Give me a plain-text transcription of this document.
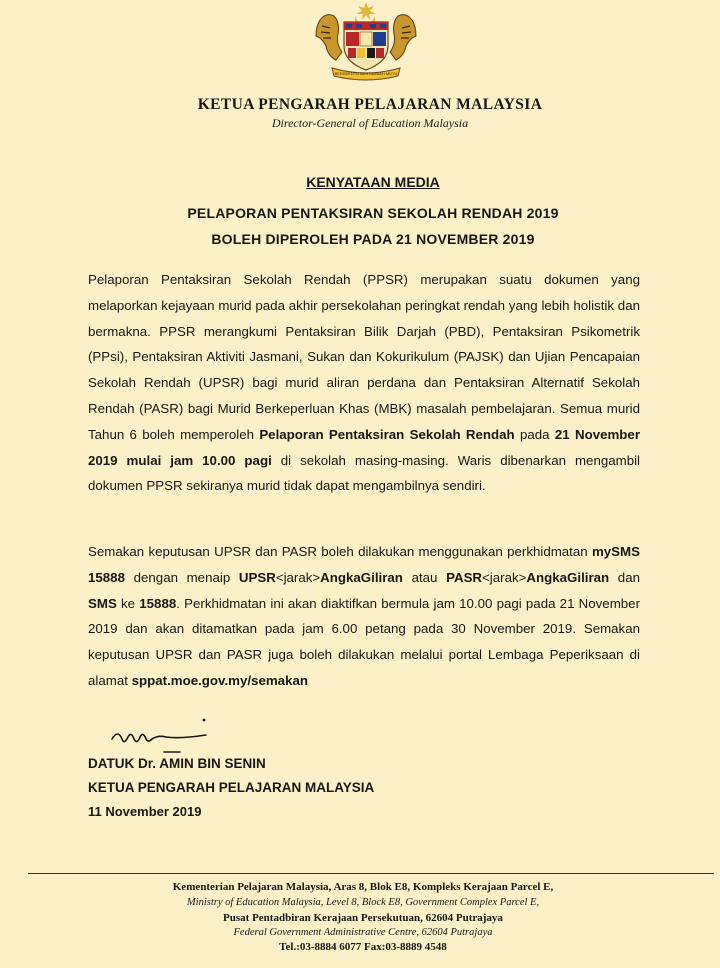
BERSEKUTU BERTAMBAH MUTU
KETUA PENGARAH PELAJARAN MALAYSIA
Director-General of Education Malaysia
KENYATAAN MEDIA
PELAPORAN PENTAKSIRAN SEKOLAH RENDAH 2019
BOLEH DIPEROLEH PADA 21 NOVEMBER 2019
Pelaporan Pentaksiran Sekolah Rendah (PPSR) merupakan suatu dokumen yang melaporkan kejayaan murid pada akhir persekolahan peringkat rendah yang lebih holistik dan bermakna. PPSR merangkumi Pentaksiran Bilik Darjah (PBD), Pentaksiran Psikometrik (PPsi), Pentaksiran Aktiviti Jasmani, Sukan dan Kokurikulum (PAJSK) dan Ujian Pencapaian Sekolah Rendah (UPSR) bagi murid aliran perdana dan Pentaksiran Alternatif Sekolah Rendah (PASR) bagi Murid Berkeperluan Khas (MBK) masalah pembelajaran. Semua murid Tahun 6 boleh memperoleh Pelaporan Pentaksiran Sekolah Rendah pada 21 November 2019 mulai jam 10.00 pagi di sekolah masing-masing. Waris dibenarkan mengambil dokumen PPSR sekiranya murid tidak dapat mengambilnya sendiri.
Semakan keputusan UPSR dan PASR boleh dilakukan menggunakan perkhidmatan mySMS 15888 dengan menaip UPSR<jarak>AngkaGiliran atau PASR<jarak>AngkaGiliran dan SMS ke 15888. Perkhidmatan ini akan diaktifkan bermula jam 10.00 pagi pada 21 November 2019 dan akan ditamatkan pada jam 6.00 petang pada 30 November 2019. Semakan keputusan UPSR dan PASR juga boleh dilakukan melalui portal Lembaga Peperiksaan di alamat sppat.moe.gov.my/semakan
DATUK Dr. AMIN BIN SENIN
KETUA PENGARAH PELAJARAN MALAYSIA
11 November 2019
Kementerian Pelajaran Malaysia, Aras 8, Blok E8, Kompleks Kerajaan Parcel E,
Ministry of Education Malaysia, Level 8, Block E8, Government Complex Parcel E,
Pusat Pentadbiran Kerajaan Persekutuan, 62604 Putrajaya
Federal Government Administrative Centre, 62604 Putrajaya
Tel.:03-8884 6077 Fax:03-8889 4548
